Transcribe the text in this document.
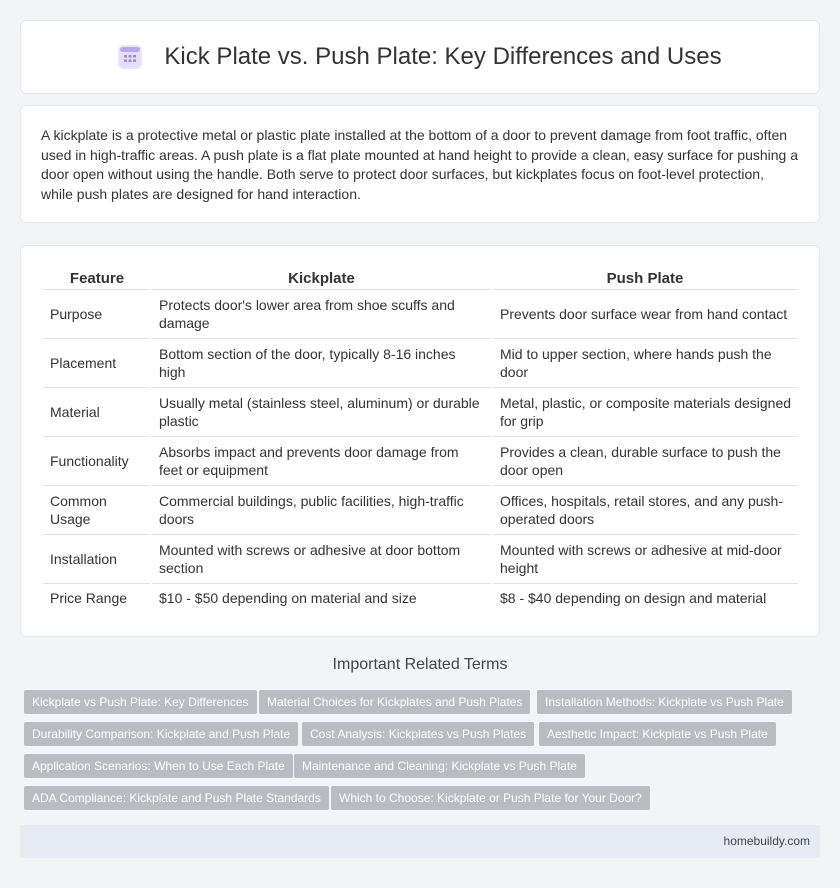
Kick Plate vs. Push Plate: Key Differences and Uses

A kickplate is a protective metal or plastic plate installed at the bottom of a door to prevent damage from foot traffic, often used in high-traffic areas. A push plate is a flat plate mounted at hand height to provide a clean, easy surface for pushing a door open without using the handle. Both serve to protect door surfaces, but kickplates focus on foot-level protection, while push plates are designed for hand interaction.

Feature	Kickplate	Push Plate
Purpose	Protects door's lower area from shoe scuffs and damage	Prevents door surface wear from hand contact
Placement	Bottom section of the door, typically 8-16 inches high	Mid to upper section, where hands push the door
Material	Usually metal (stainless steel, aluminum) or durable plastic	Metal, plastic, or composite materials designed for grip
Functionality	Absorbs impact and prevents door damage from feet or equipment	Provides a clean, durable surface to push the door open
Common Usage	Commercial buildings, public facilities, high-traffic doors	Offices, hospitals, retail stores, and any push-operated doors
Installation	Mounted with screws or adhesive at door bottom section	Mounted with screws or adhesive at mid-door height
Price Range	$10 - $50 depending on material and size	$8 - $40 depending on design and material
Important Related Terms
Kickplate vs Push Plate: Key Differences	Material Choices for Kickplates and Push Plates	Installation Methods: Kickplate vs Push Plate
Durability Comparison: Kickplate and Push Plate	Cost Analysis: Kickplates vs Push Plates	Aesthetic Impact: Kickplate vs Push Plate
Application Scenarios: When to Use Each Plate	Maintenance and Cleaning: Kickplate vs Push Plate
ADA Compliance: Kickplate and Push Plate Standards	Which to Choose: Kickplate or Push Plate for Your Door?
homebuildy.com
